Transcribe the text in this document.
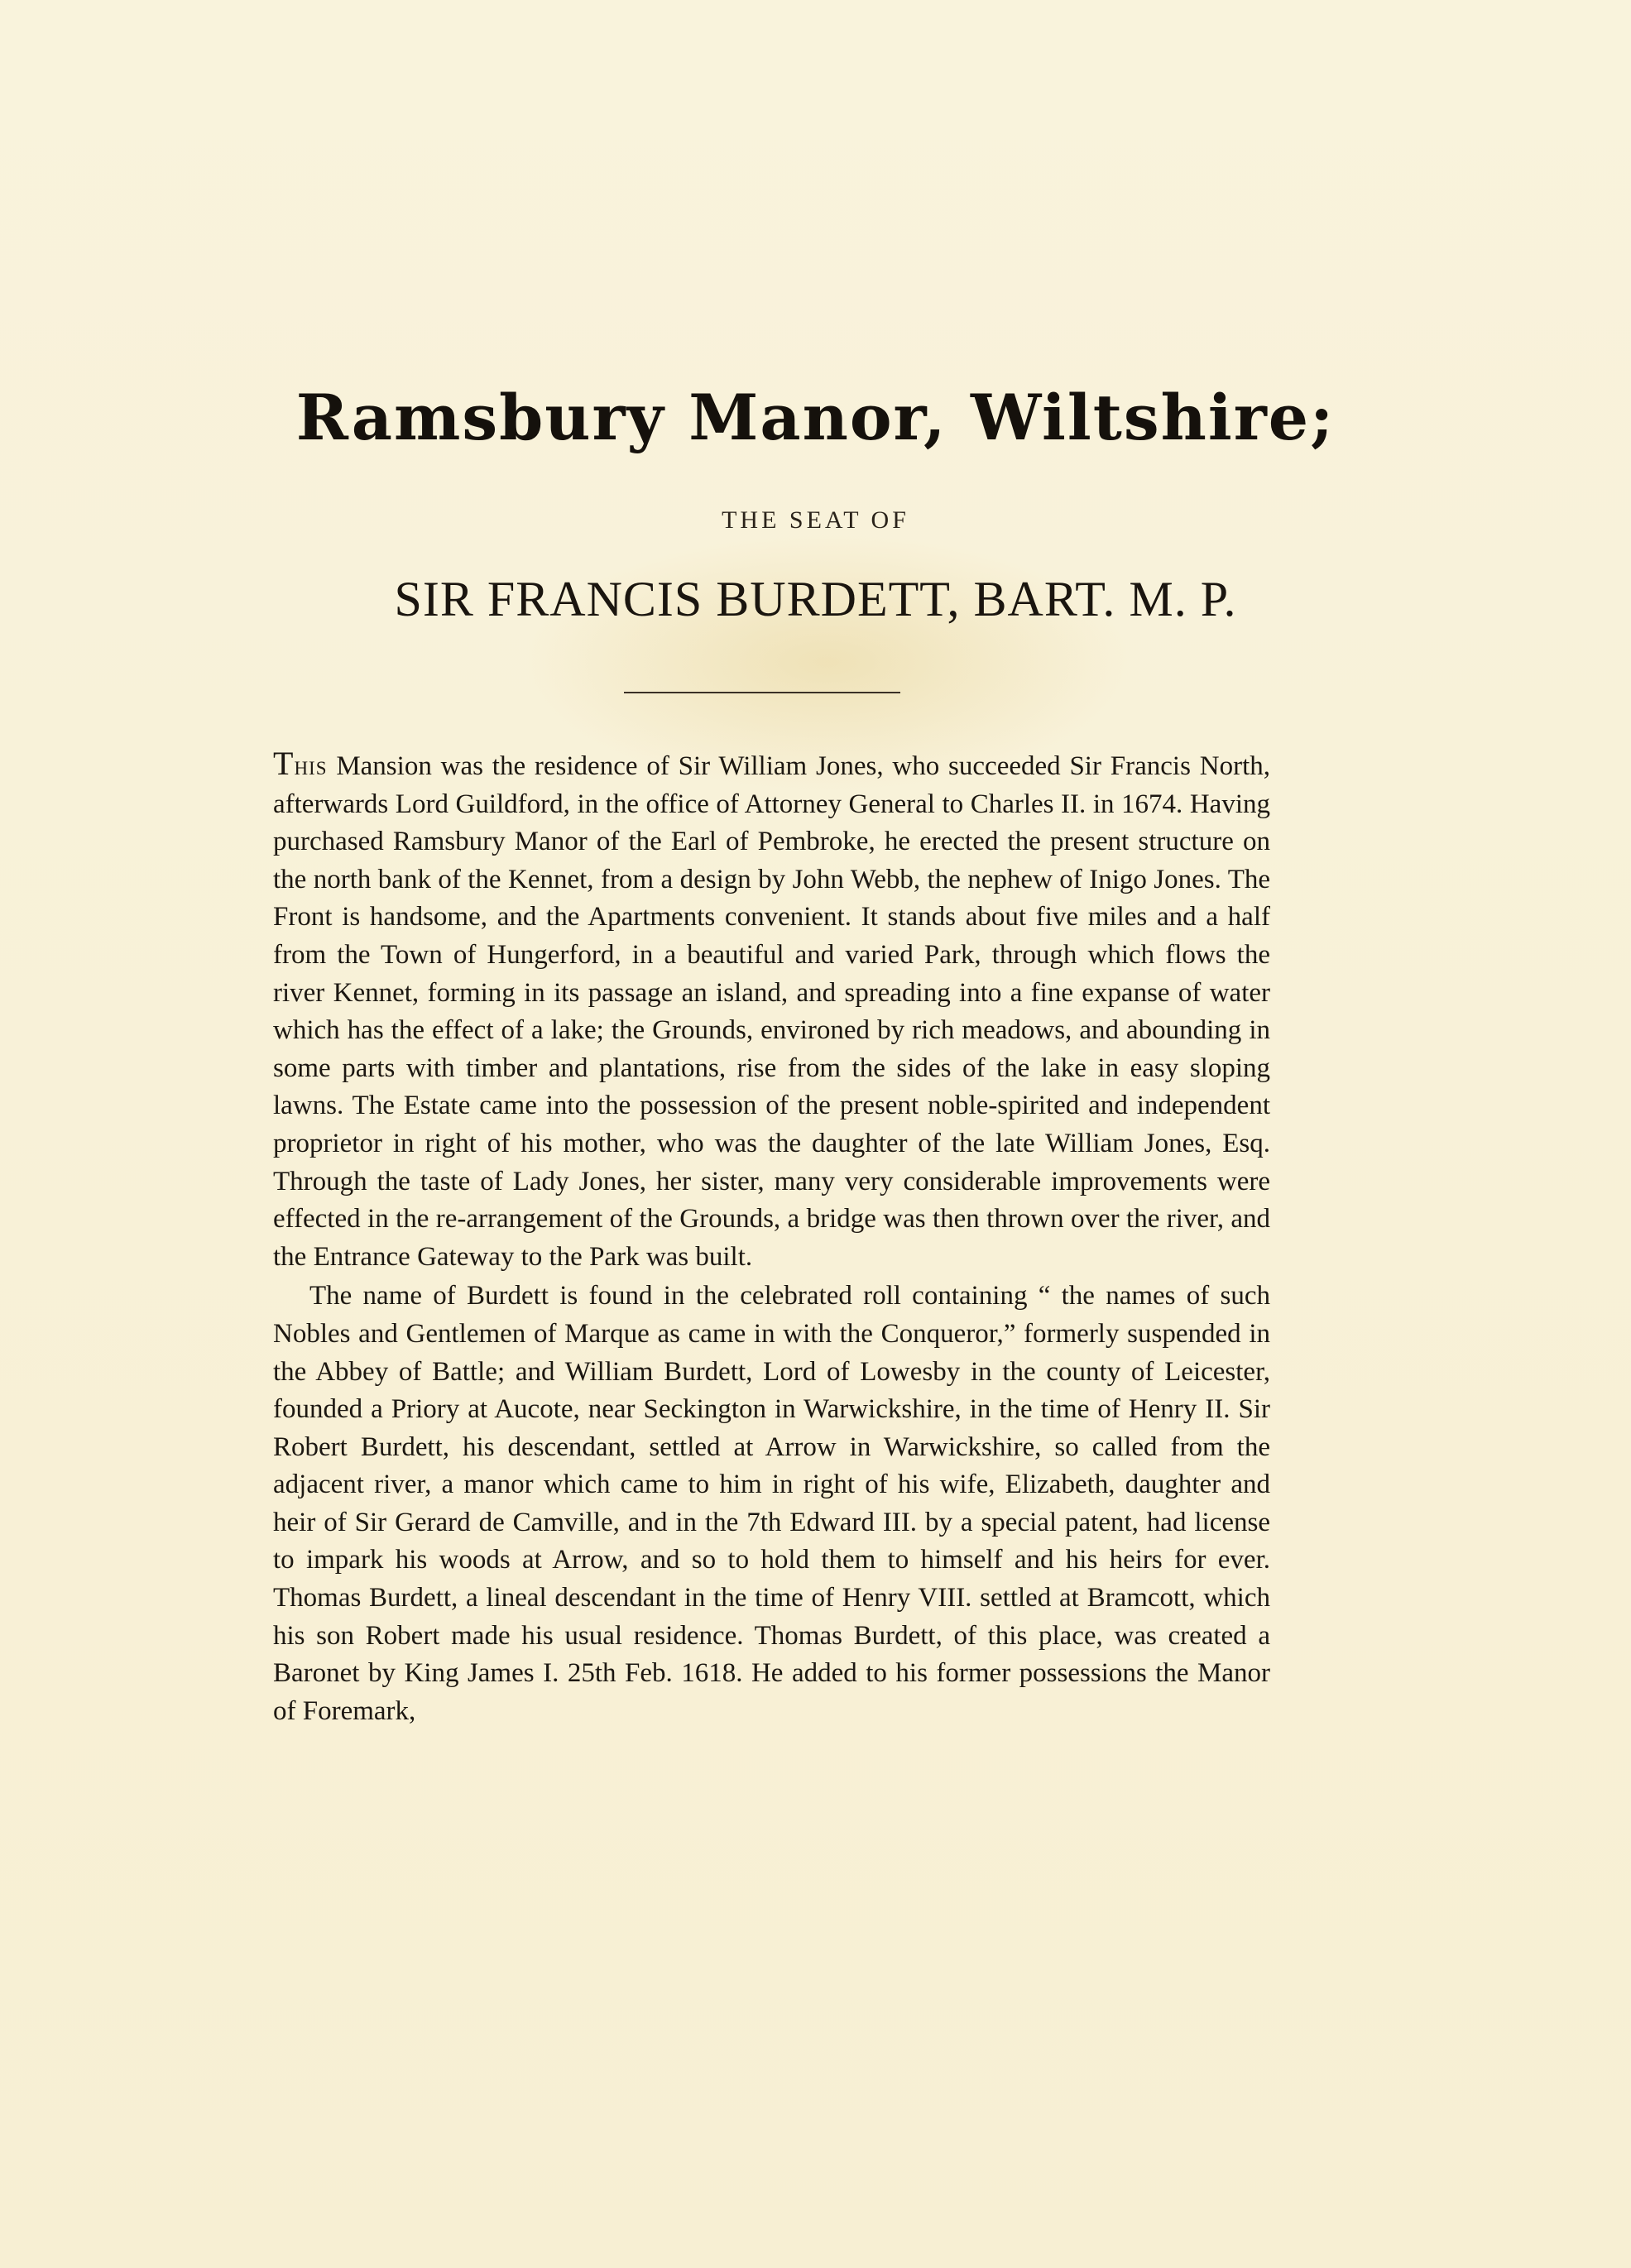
Ramsbury Manor, Wiltshire;
THE SEAT OF
SIR FRANCIS BURDETT, BART. M. P.

This Mansion was the residence of Sir William Jones, who succeeded Sir Francis North, afterwards Lord Guildford, in the office of Attorney General to Charles II. in 1674. Having purchased Ramsbury Manor of the Earl of Pembroke, he erected the present structure on the north bank of the Kennet, from a design by John Webb, the nephew of Inigo Jones. The Front is handsome, and the Apartments convenient. It stands about five miles and a half from the Town of Hungerford, in a beautiful and varied Park, through which flows the river Kennet, forming in its passage an island, and spreading into a fine expanse of water which has the effect of a lake; the Grounds, environed by rich meadows, and abounding in some parts with timber and plantations, rise from the sides of the lake in easy sloping lawns. The Estate came into the possession of the present noble-spirited and independent proprietor in right of his mother, who was the daughter of the late William Jones, Esq. Through the taste of Lady Jones, her sister, many very considerable improvements were effected in the re-arrangement of the Grounds, a bridge was then thrown over the river, and the Entrance Gateway to the Park was built.

The name of Burdett is found in the celebrated roll containing “ the names of such Nobles and Gentlemen of Marque as came in with the Conqueror,” formerly suspended in the Abbey of Battle; and William Burdett, Lord of Lowesby in the county of Leicester, founded a Priory at Aucote, near Seckington in Warwickshire, in the time of Henry II. Sir Robert Burdett, his descendant, settled at Arrow in Warwickshire, so called from the adjacent river, a manor which came to him in right of his wife, Elizabeth, daughter and heir of Sir Gerard de Camville, and in the 7th Edward III. by a special patent, had license to impark his woods at Arrow, and so to hold them to himself and his heirs for ever. Thomas Burdett, a lineal descendant in the time of Henry VIII. settled at Bramcott, which his son Robert made his usual residence. Thomas Burdett, of this place, was created a Baronet by King James I. 25th Feb. 1618. He added to his former possessions the Manor of Foremark,
